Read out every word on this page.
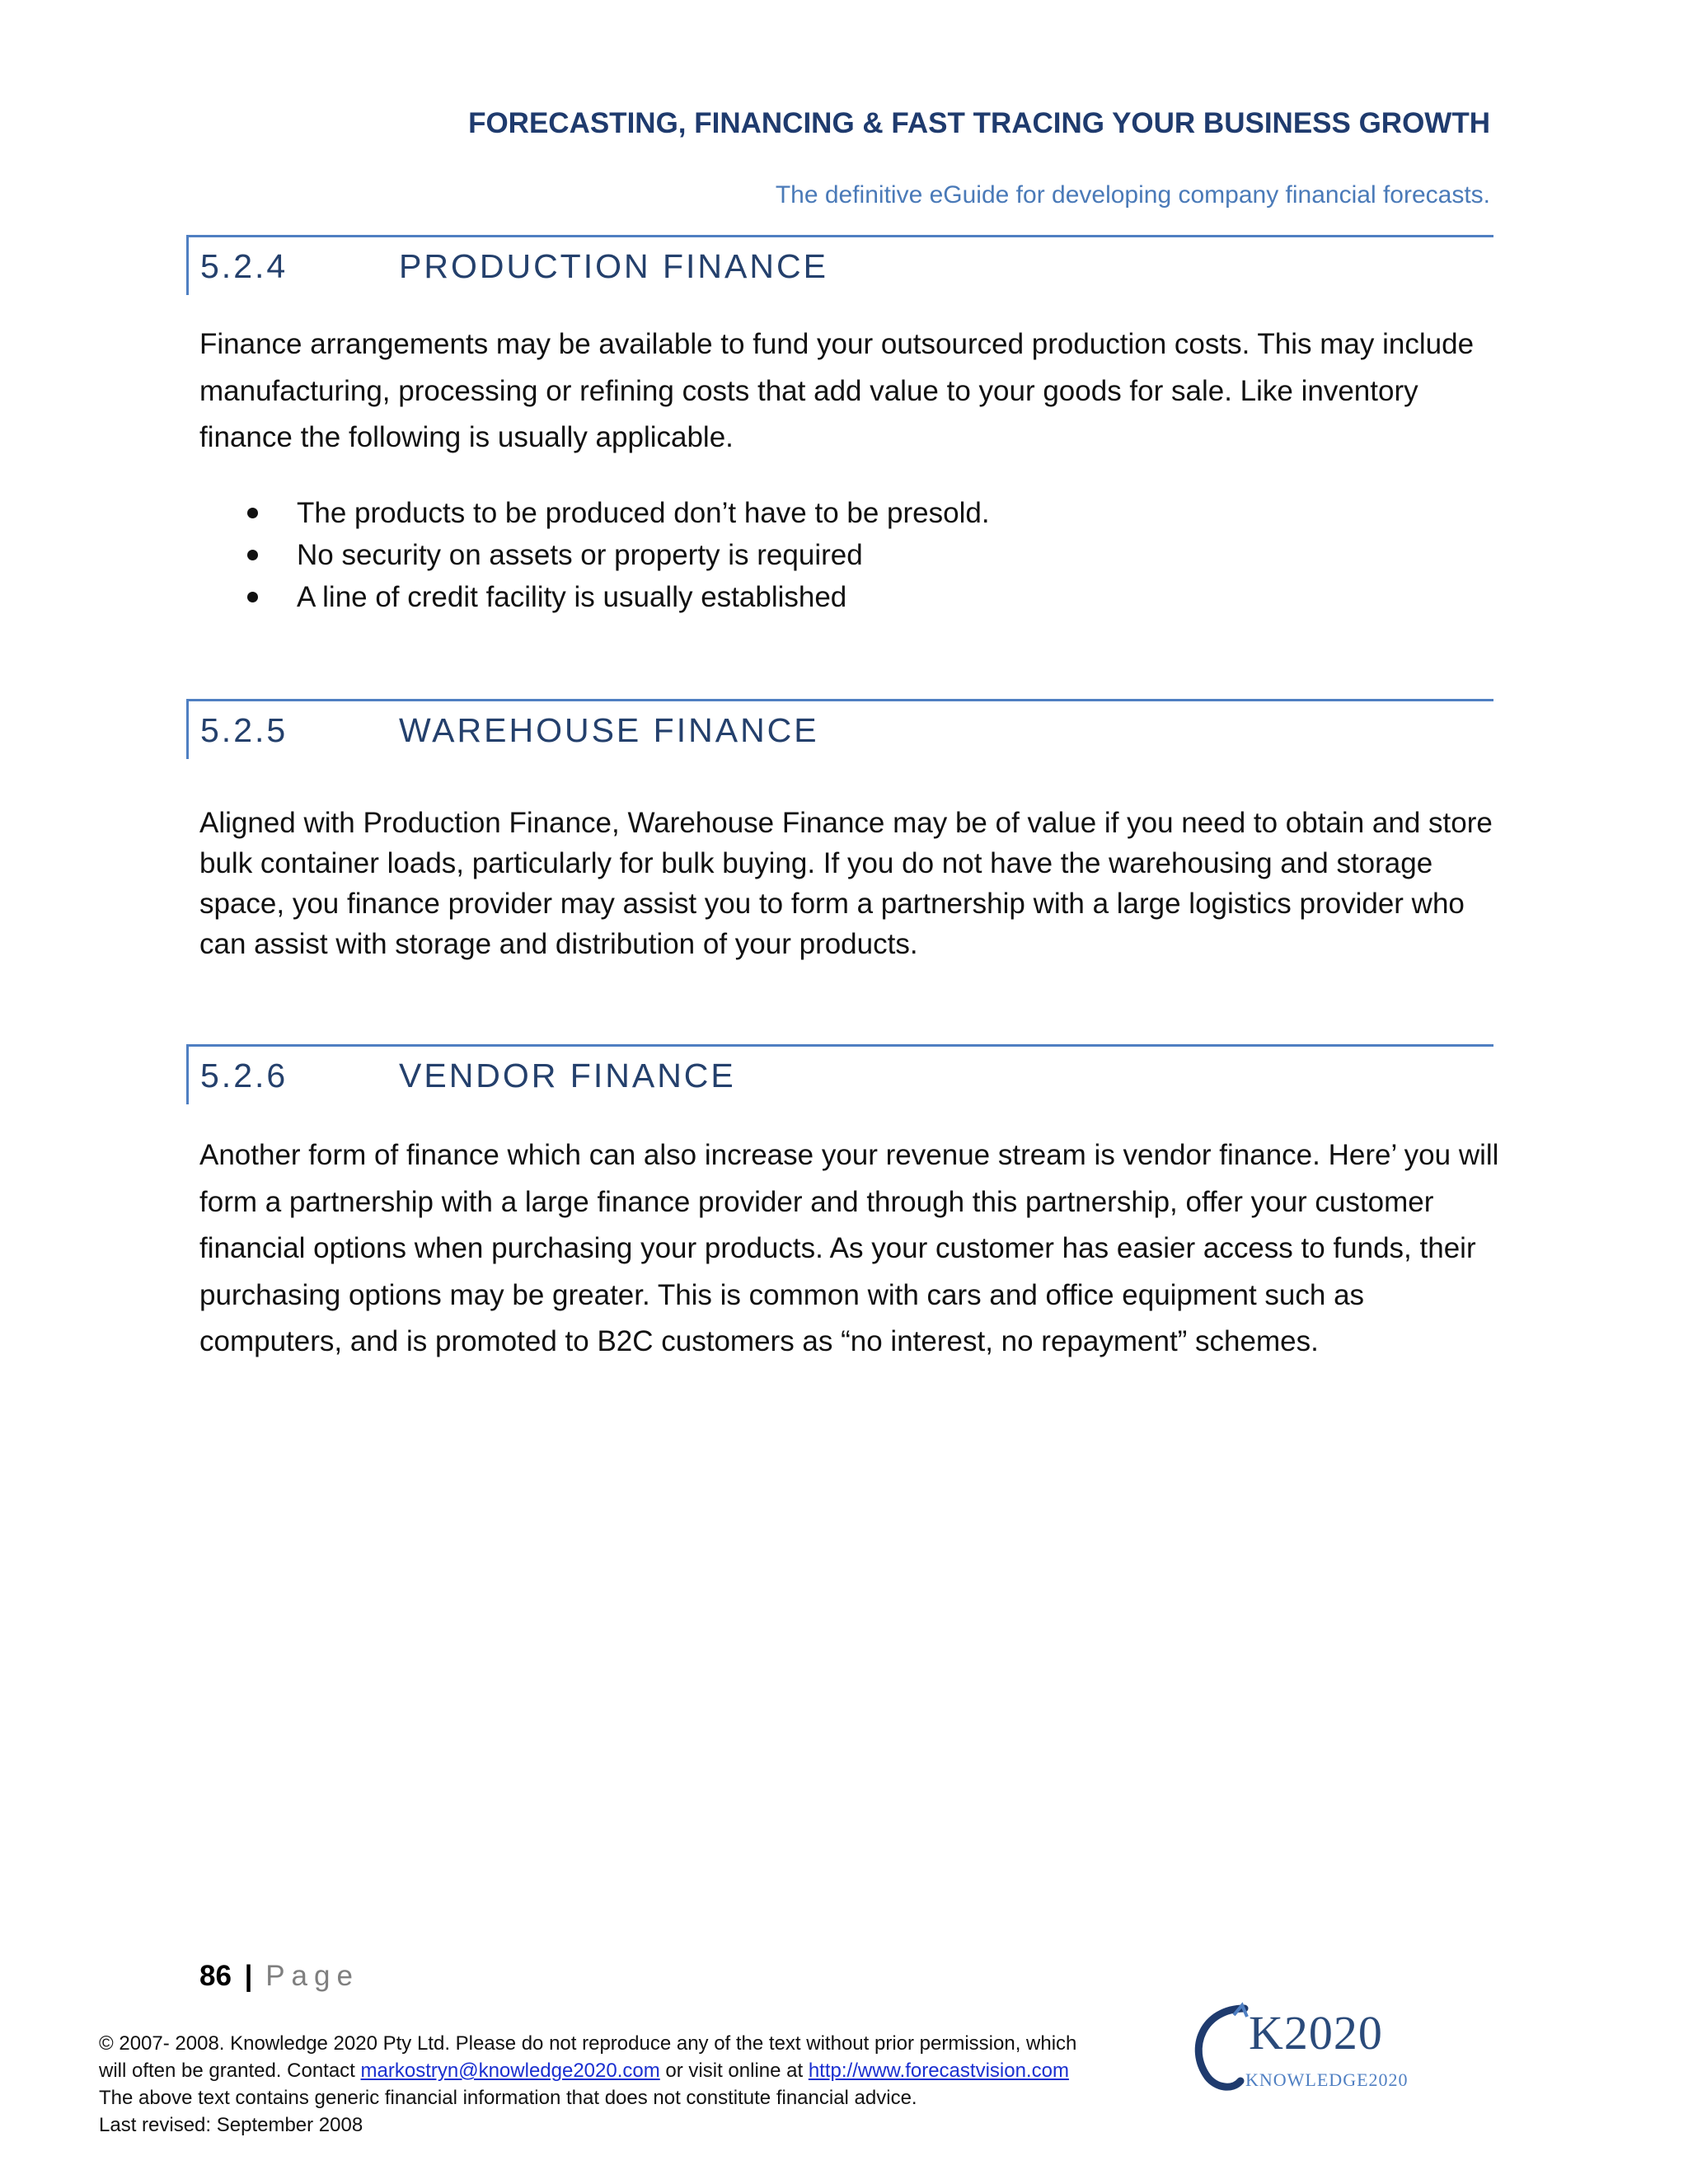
FORECASTING, FINANCING & FAST TRACING YOUR BUSINESS GROWTH
The definitive eGuide for developing company financial forecasts.
5.2.4	PRODUCTION FINANCE
Finance arrangements may be available to fund your outsourced production costs. This may include manufacturing, processing or refining costs that add value to your goods for sale. Like inventory finance the following is usually applicable.
The products to be produced don’t have to be presold.
No security on assets or property is required
A line of credit facility is usually established
5.2.5	WAREHOUSE FINANCE
Aligned with Production Finance, Warehouse Finance may be of value if you need to obtain and store bulk container loads, particularly for bulk buying. If you do not have the warehousing and storage space, you finance provider may assist you to form a partnership with a large logistics provider who can assist with storage and distribution of your products.
5.2.6	VENDOR FINANCE
Another form of finance which can also increase your revenue stream is vendor finance. Here’ you will form a partnership with a large finance provider and through this partnership, offer your customer financial options when purchasing your products. As your customer has easier access to funds, their purchasing options may be greater. This is common with cars and office equipment such as computers, and is promoted to B2C customers as “no interest, no repayment” schemes.
86 | Page
© 2007- 2008. Knowledge 2020 Pty Ltd. Please do not reproduce any of the text without prior permission, which
will often be granted. Contact markostryn@knowledge2020.com or visit online at http://www.forecastvision.com
The above text contains generic financial information that does not constitute financial advice.
Last revised: September 2008
K2020
KNOWLEDGE2020
